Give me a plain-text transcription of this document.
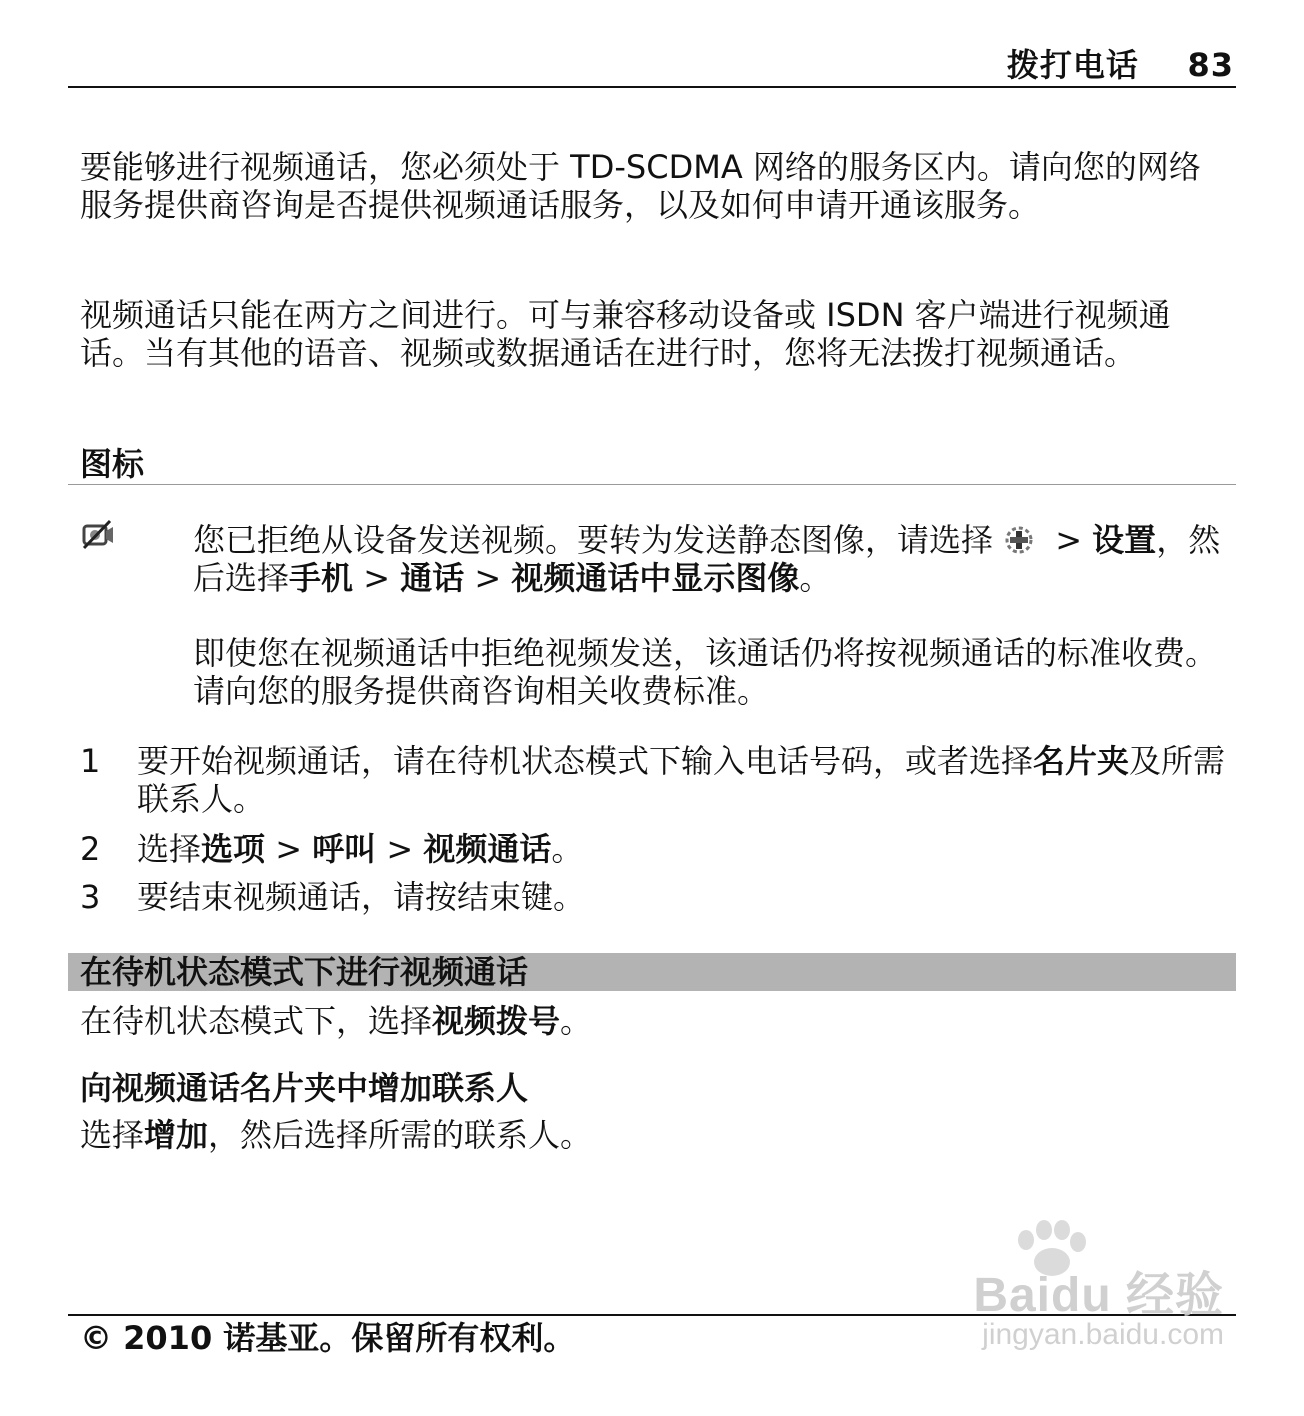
拨打电话 83

要能够进行视频通话，您必须处于 TD-SCDMA 网络的服务区内。请向您的网络服务提供商咨询是否提供视频通话服务，以及如何申请开通该服务。

视频通话只能在两方之间进行。可与兼容移动设备或 ISDN 客户端进行视频通话。当有其他的语音、视频或数据通话在进行时，您将无法拨打视频通话。

图标

您已拒绝从设备发送视频。要转为发送静态图像，请选择 > 设置，然后选择手机 > 通话 > 视频通话中显示图像。

即使您在视频通话中拒绝视频发送，该通话仍将按视频通话的标准收费。请向您的服务提供商咨询相关收费标准。

1	要开始视频通话，请在待机状态模式下输入电话号码，或者选择名片夹及所需联系人。
2	选择选项 > 呼叫 > 视频通话。
3	要结束视频通话，请按结束键。
在待机状态模式下进行视频通话

在待机状态模式下，选择视频拨号。

向视频通话名片夹中增加联系人

选择增加，然后选择所需的联系人。

© 2010 诺基亚。保留所有权利。
Baidu 经验
jingyan.baidu.com
